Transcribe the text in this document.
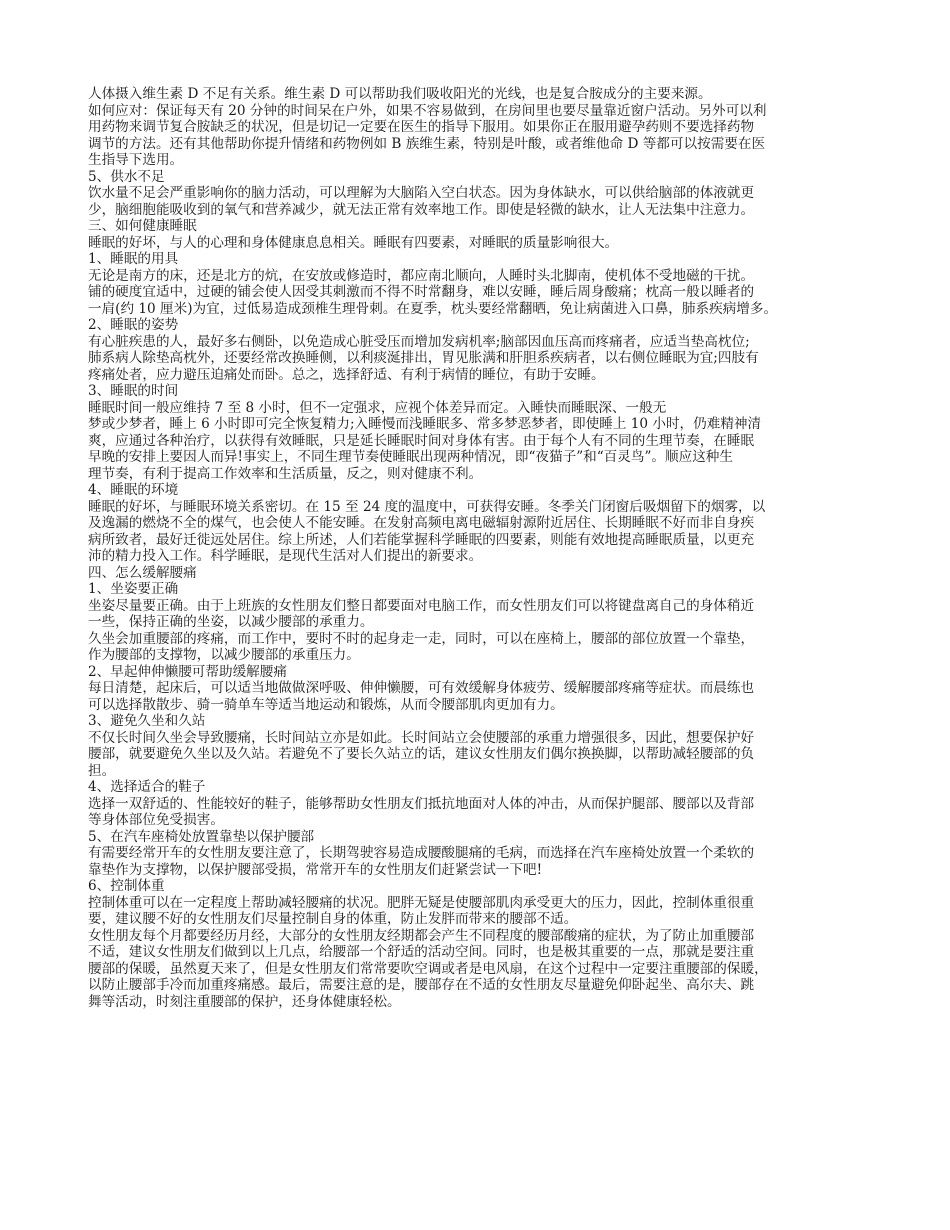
人体摄入维生素 D 不足有关系。维生素 D 可以帮助我们吸收阳光的光线，也是复合胺成分的主要来源。
如何应对：保证每天有 20 分钟的时间呆在户外，如果不容易做到，在房间里也要尽量靠近窗户活动。另外可以利
用药物来调节复合胺缺乏的状况，但是切记一定要在医生的指导下服用。如果你正在服用避孕药则不要选择药物
调节的方法。还有其他帮助你提升情绪和药物例如 B 族维生素，特别是叶酸，或者维他命 D 等都可以按需要在医
生指导下选用。
5、供水不足
饮水量不足会严重影响你的脑力活动，可以理解为大脑陷入空白状态。因为身体缺水，可以供给脑部的体液就更
少，脑细胞能吸收到的氧气和营养减少，就无法正常有效率地工作。即使是轻微的缺水，让人无法集中注意力。
三、如何健康睡眠
睡眠的好坏，与人的心理和身体健康息息相关。睡眠有四要素，对睡眠的质量影响很大。
1、睡眠的用具
无论是南方的床，还是北方的炕，在安放或修造时，都应南北顺向，人睡时头北脚南，使机体不受地磁的干扰。
铺的硬度宜适中，过硬的铺会使人因受其刺激而不得不时常翻身，难以安睡，睡后周身酸痛；枕高一般以睡者的
一肩(约 10 厘米)为宜，过低易造成颈椎生理骨刺。在夏季，枕头要经常翻晒，免让病菌进入口鼻，肺系疾病增多。
2、睡眠的姿势
有心脏疾患的人，最好多右侧卧，以免造成心脏受压而增加发病机率;脑部因血压高而疼痛者，应适当垫高枕位;
肺系病人除垫高枕外，还要经常改换睡侧，以利痰涎排出，胃见胀满和肝胆系疾病者，以右侧位睡眠为宜;四肢有
疼痛处者，应力避压迫痛处而卧。总之，选择舒适、有利于病情的睡位，有助于安睡。
3、睡眠的时间
睡眠时间一般应维持 7 至 8 小时，但不一定强求，应视个体差异而定。入睡快而睡眠深、一般无
梦或少梦者，睡上 6 小时即可完全恢复精力;入睡慢而浅睡眠多、常多梦恶梦者，即使睡上 10 小时，仍难精神清
爽，应通过各种治疗，以获得有效睡眠，只是延长睡眠时间对身体有害。由于每个人有不同的生理节奏，在睡眠
早晚的安排上要因人而异!事实上，不同生理节奏使睡眠出现两种情况，即“夜猫子”和“百灵鸟”。顺应这种生
理节奏，有利于提高工作效率和生活质量，反之，则对健康不利。
4、睡眠的环境
睡眠的好坏，与睡眠环境关系密切。在 15 至 24 度的温度中，可获得安睡。冬季关门闭窗后吸烟留下的烟雾，以
及逸漏的燃烧不全的煤气，也会使人不能安睡。在发射高频电离电磁辐射源附近居住、长期睡眠不好而非自身疾
病所致者，最好迁徙远处居住。综上所述，人们若能掌握科学睡眠的四要素，则能有效地提高睡眠质量，以更充
沛的精力投入工作。科学睡眠，是现代生活对人们提出的新要求。
四、怎么缓解腰痛
1、坐姿要正确
坐姿尽量要正确。由于上班族的女性朋友们整日都要面对电脑工作，而女性朋友们可以将键盘离自己的身体稍近
一些，保持正确的坐姿，以减少腰部的承重力。
久坐会加重腰部的疼痛，而工作中，要时不时的起身走一走，同时，可以在座椅上，腰部的部位放置一个靠垫，
作为腰部的支撑物，以减少腰部的承重压力。
2、早起伸伸懒腰可帮助缓解腰痛
每日清楚，起床后，可以适当地做做深呼吸、伸伸懒腰，可有效缓解身体疲劳、缓解腰部疼痛等症状。而晨练也
可以选择散散步、骑一骑单车等适当地运动和锻炼，从而令腰部肌肉更加有力。
3、避免久坐和久站
不仅长时间久坐会导致腰痛，长时间站立亦是如此。长时间站立会使腰部的承重力增强很多，因此，想要保护好
腰部，就要避免久坐以及久站。若避免不了要长久站立的话，建议女性朋友们偶尔换换脚，以帮助减轻腰部的负
担。
4、选择适合的鞋子
选择一双舒适的、性能较好的鞋子，能够帮助女性朋友们抵抗地面对人体的冲击，从而保护腿部、腰部以及背部
等身体部位免受损害。
5、在汽车座椅处放置靠垫以保护腰部
有需要经常开车的女性朋友要注意了，长期驾驶容易造成腰酸腿痛的毛病，而选择在汽车座椅处放置一个柔软的
靠垫作为支撑物，以保护腰部受损，常常开车的女性朋友们赶紧尝试一下吧!
6、控制体重
控制体重可以在一定程度上帮助减轻腰痛的状况。肥胖无疑是使腰部肌肉承受更大的压力，因此，控制体重很重
要，建议腰不好的女性朋友们尽量控制自身的体重，防止发胖而带来的腰部不适。
女性朋友每个月都要经历月经，大部分的女性朋友经期都会产生不同程度的腰部酸痛的症状，为了防止加重腰部
不适，建议女性朋友们做到以上几点，给腰部一个舒适的活动空间。同时，也是极其重要的一点，那就是要注重
腰部的保暖，虽然夏天来了，但是女性朋友们常常要吹空调或者是电风扇，在这个过程中一定要注重腰部的保暖，
以防止腰部手冷而加重疼痛感。最后，需要注意的是，腰部存在不适的女性朋友尽量避免仰卧起坐、高尔夫、跳
舞等活动，时刻注重腰部的保护，还身体健康轻松。
